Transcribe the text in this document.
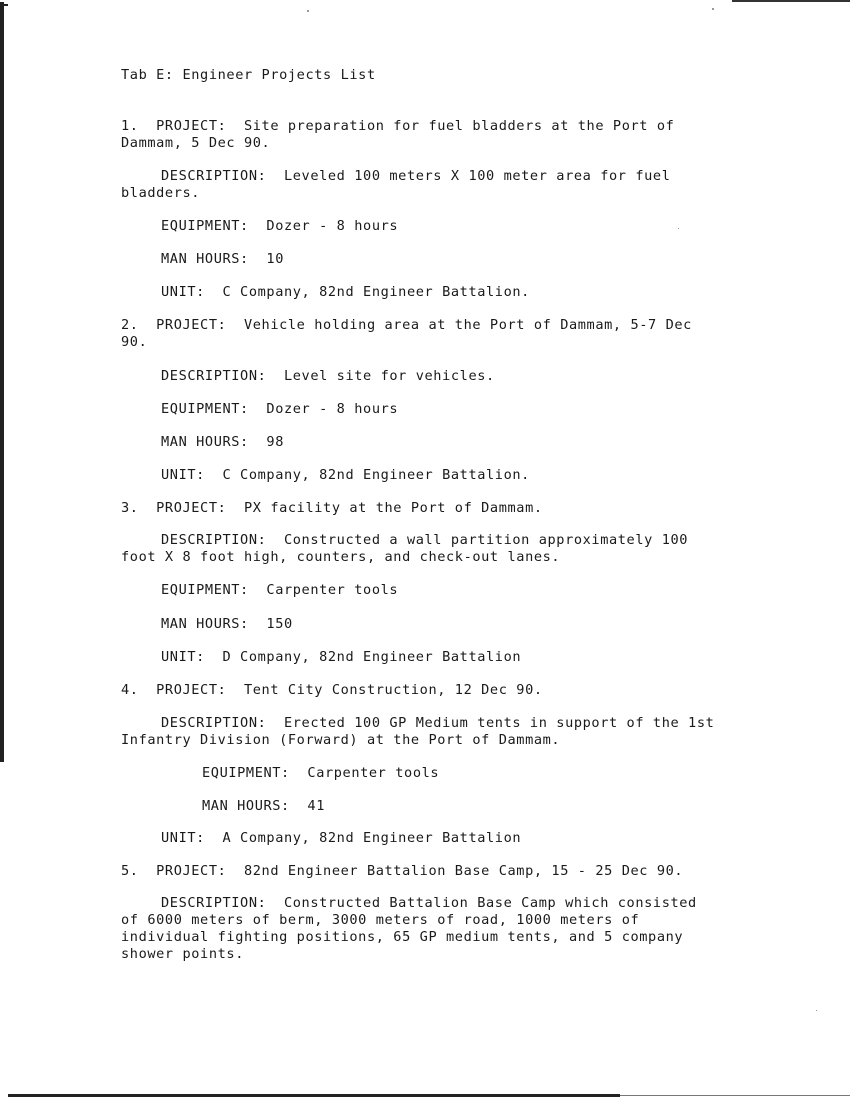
Tab E: Engineer Projects List

1.  PROJECT:  Site preparation for fuel bladders at the Port of

Dammam, 5 Dec 90.

DESCRIPTION:  Leveled 100 meters X 100 meter area for fuel

bladders.

EQUIPMENT:  Dozer - 8 hours

MAN HOURS:  10

UNIT:  C Company, 82nd Engineer Battalion.

2.  PROJECT:  Vehicle holding area at the Port of Dammam, 5-7 Dec

90.

DESCRIPTION:  Level site for vehicles.

EQUIPMENT:  Dozer - 8 hours

MAN HOURS:  98

UNIT:  C Company, 82nd Engineer Battalion.

3.  PROJECT:  PX facility at the Port of Dammam.

DESCRIPTION:  Constructed a wall partition approximately 100

foot X 8 foot high, counters, and check-out lanes.

EQUIPMENT:  Carpenter tools

MAN HOURS:  150

UNIT:  D Company, 82nd Engineer Battalion

4.  PROJECT:  Tent City Construction, 12 Dec 90.

DESCRIPTION:  Erected 100 GP Medium tents in support of the 1st

Infantry Division (Forward) at the Port of Dammam.

EQUIPMENT:  Carpenter tools

MAN HOURS:  41

UNIT:  A Company, 82nd Engineer Battalion

5.  PROJECT:  82nd Engineer Battalion Base Camp, 15 - 25 Dec 90.

DESCRIPTION:  Constructed Battalion Base Camp which consisted

of 6000 meters of berm, 3000 meters of road, 1000 meters of

individual fighting positions, 65 GP medium tents, and 5 company

shower points.
